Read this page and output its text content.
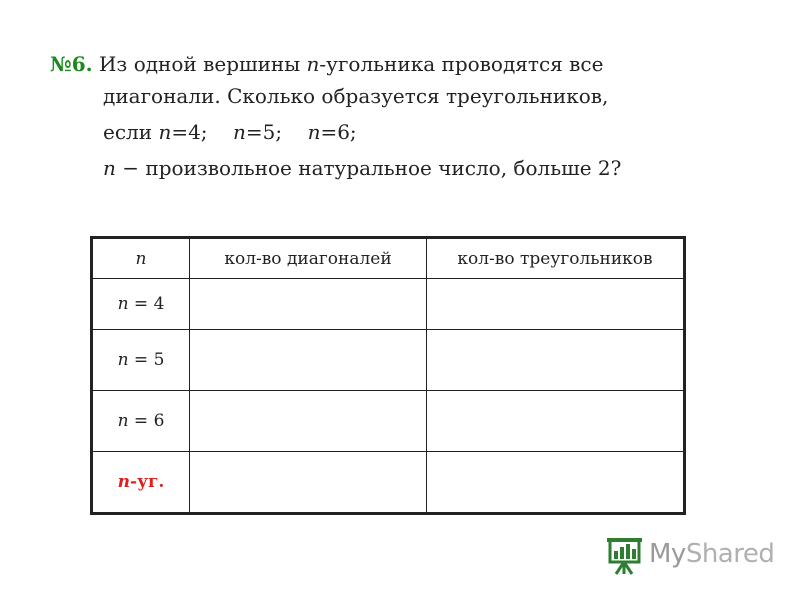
№6. Из одной вершины n-угольника проводятся все
диагонали. Сколько образуется треугольников,
если n=4; n=5; n=6;
n − произвольное натуральное число, больше 2?
n	кол-во диагоналей	кол-во треугольников
n = 4		
n = 5		
n = 6		
n-уг.		
MyShared
